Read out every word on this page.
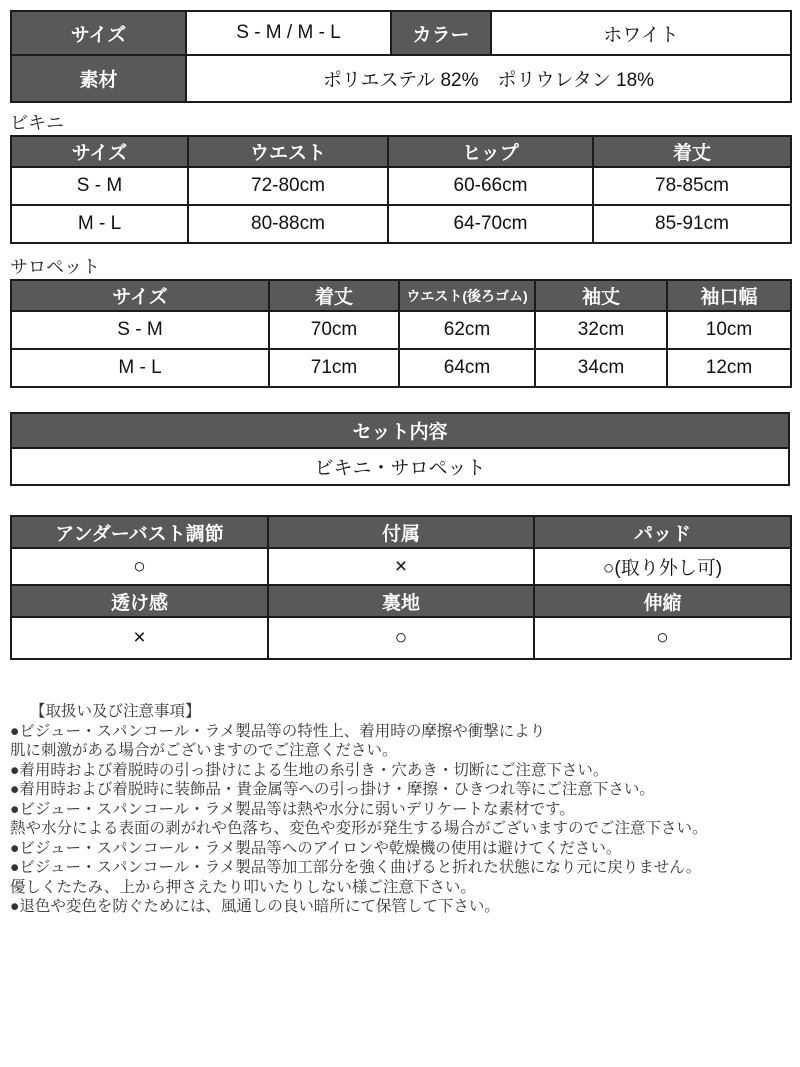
サイズ	S - M / M - L	カラー	ホワイト
素材	ポリエステル 82%　ポリウレタン 18%		
ビキニ
サイズ	ウエスト	ヒップ	着丈
S - M	72-80cm	60-66cm	78-85cm
M - L	80-88cm	64-70cm	85-91cm
サロペット
サイズ	着丈	ウエスト(後ろゴム)	袖丈	袖口幅
S - M	70cm	62cm	32cm	10cm
M - L	71cm	64cm	34cm	12cm
セット内容
ビキニ・サロペット
アンダーバスト調節	付属	パッド
○	×	○(取り外し可)
透け感	裏地	伸縮
×	○	○
【取扱い及び注意事項】
●ビジュー・スパンコール・ラメ製品等の特性上、着用時の摩擦や衝撃により
肌に刺激がある場合がございますのでご注意ください。
●着用時および着脱時の引っ掛けによる生地の糸引き・穴あき・切断にご注意下さい。
●着用時および着脱時に装飾品・貴金属等への引っ掛け・摩擦・ひきつれ等にご注意下さい。
●ビジュー・スパンコール・ラメ製品等は熱や水分に弱いデリケートな素材です。
熱や水分による表面の剥がれや色落ち、変色や変形が発生する場合がございますのでご注意下さい。
●ビジュー・スパンコール・ラメ製品等へのアイロンや乾燥機の使用は避けてください。
●ビジュー・スパンコール・ラメ製品等加工部分を強く曲げると折れた状態になり元に戻りません。
優しくたたみ、上から押さえたり叩いたりしない様ご注意下さい。
●退色や変色を防ぐためには、風通しの良い暗所にて保管して下さい。
